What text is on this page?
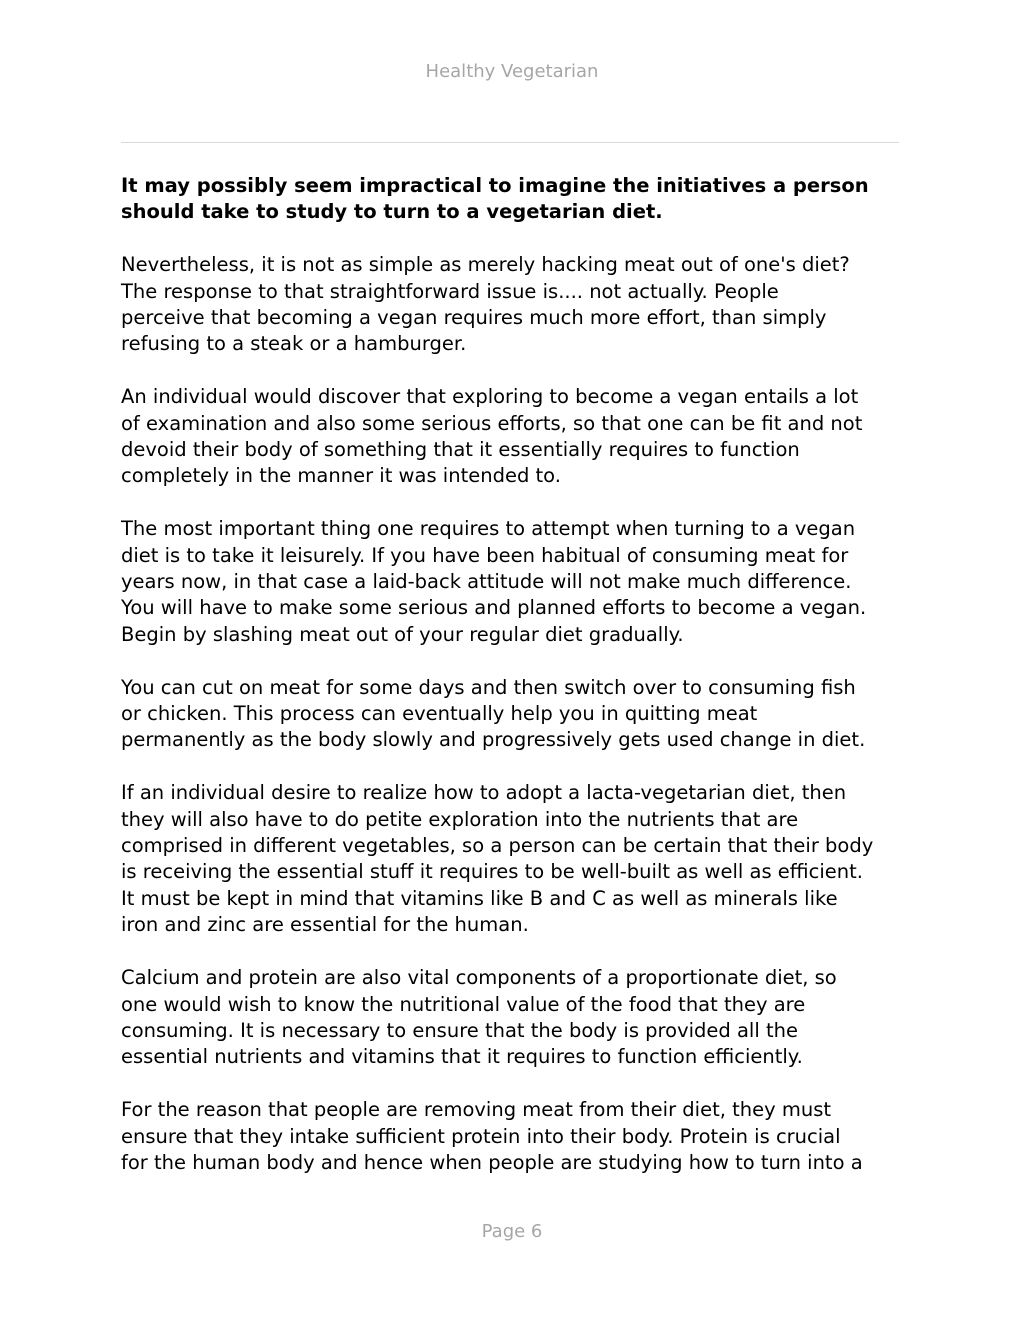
Healthy Vegetarian

It may possibly seem impractical to imagine the initiatives a person
should take to study to turn to a vegetarian diet.

Nevertheless, it is not as simple as merely hacking meat out of one's diet?
The response to that straightforward issue is.... not actually. People
perceive that becoming a vegan requires much more effort, than simply
refusing to a steak or a hamburger.

An individual would discover that exploring to become a vegan entails a lot
of examination and also some serious efforts, so that one can be fit and not
devoid their body of something that it essentially requires to function
completely in the manner it was intended to.

The most important thing one requires to attempt when turning to a vegan
diet is to take it leisurely. If you have been habitual of consuming meat for
years now, in that case a laid-back attitude will not make much difference.
You will have to make some serious and planned efforts to become a vegan.
Begin by slashing meat out of your regular diet gradually.

You can cut on meat for some days and then switch over to consuming fish
or chicken. This process can eventually help you in quitting meat
permanently as the body slowly and progressively gets used change in diet.

If an individual desire to realize how to adopt a lacta-vegetarian diet, then
they will also have to do petite exploration into the nutrients that are
comprised in different vegetables, so a person can be certain that their body
is receiving the essential stuff it requires to be well-built as well as efficient.
It must be kept in mind that vitamins like B and C as well as minerals like
iron and zinc are essential for the human.

Calcium and protein are also vital components of a proportionate diet, so
one would wish to know the nutritional value of the food that they are
consuming. It is necessary to ensure that the body is provided all the
essential nutrients and vitamins that it requires to function efficiently.

For the reason that people are removing meat from their diet, they must
ensure that they intake sufficient protein into their body. Protein is crucial
for the human body and hence when people are studying how to turn into a

Page 6
